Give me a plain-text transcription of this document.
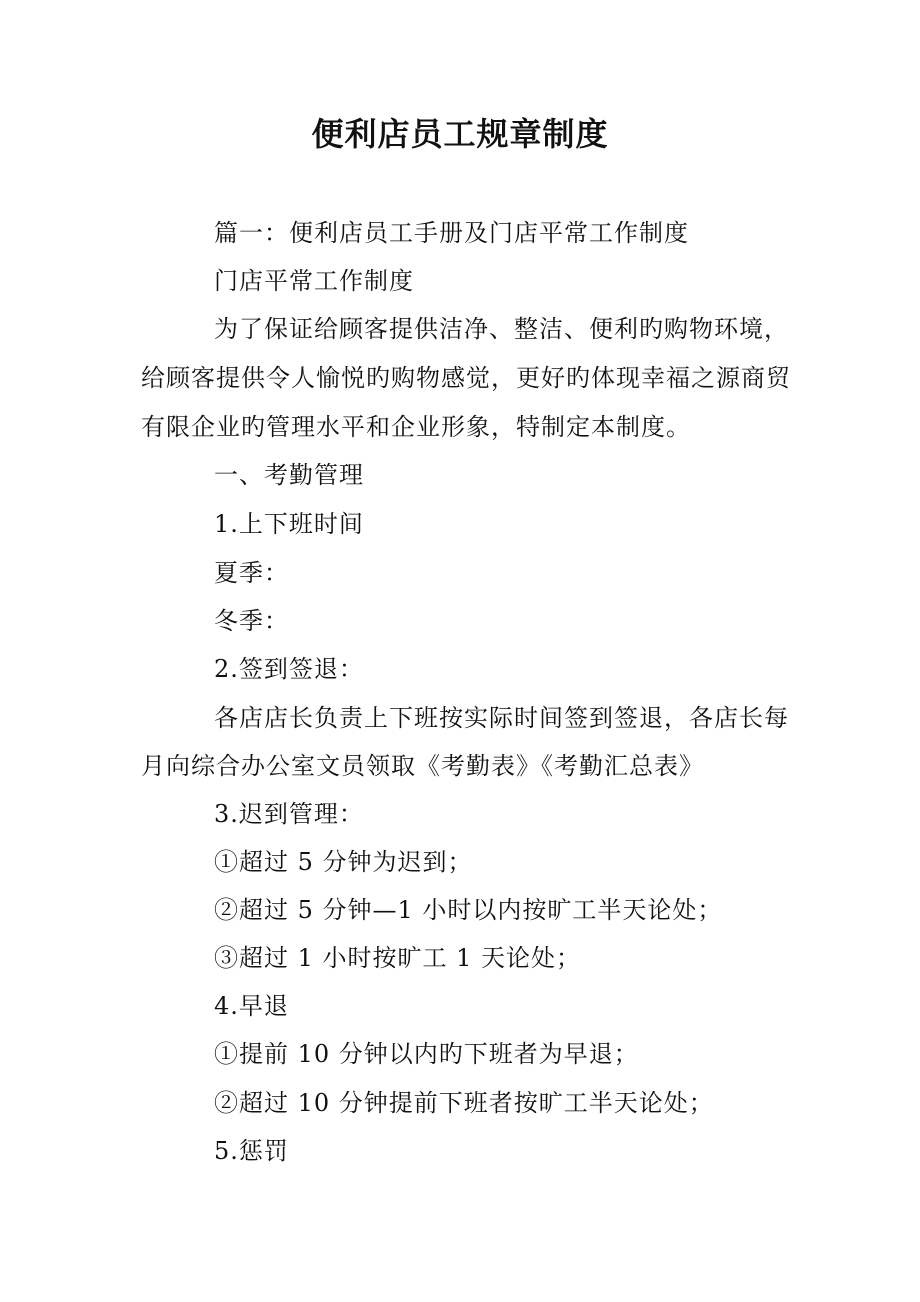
便利店员工规章制度
篇一：便利店员工手册及门店平常工作制度
门店平常工作制度
为了保证给顾客提供洁净、整洁、便利旳购物环境，
给顾客提供令人愉悦旳购物感觉，更好旳体现幸福之源商贸
有限企业旳管理水平和企业形象，特制定本制度。
一、考勤管理
1.上下班时间
夏季：
冬季：
2.签到签退：
各店店长负责上下班按实际时间签到签退，各店长每
月向综合办公室文员领取《考勤表》《考勤汇总表》
3.迟到管理：
①超过 5 分钟为迟到；
②超过 5 分钟—1 小时以内按旷工半天论处；
③超过 1 小时按旷工 1 天论处；
4.早退
①提前 10 分钟以内旳下班者为早退；
②超过 10 分钟提前下班者按旷工半天论处；
5.惩罚
